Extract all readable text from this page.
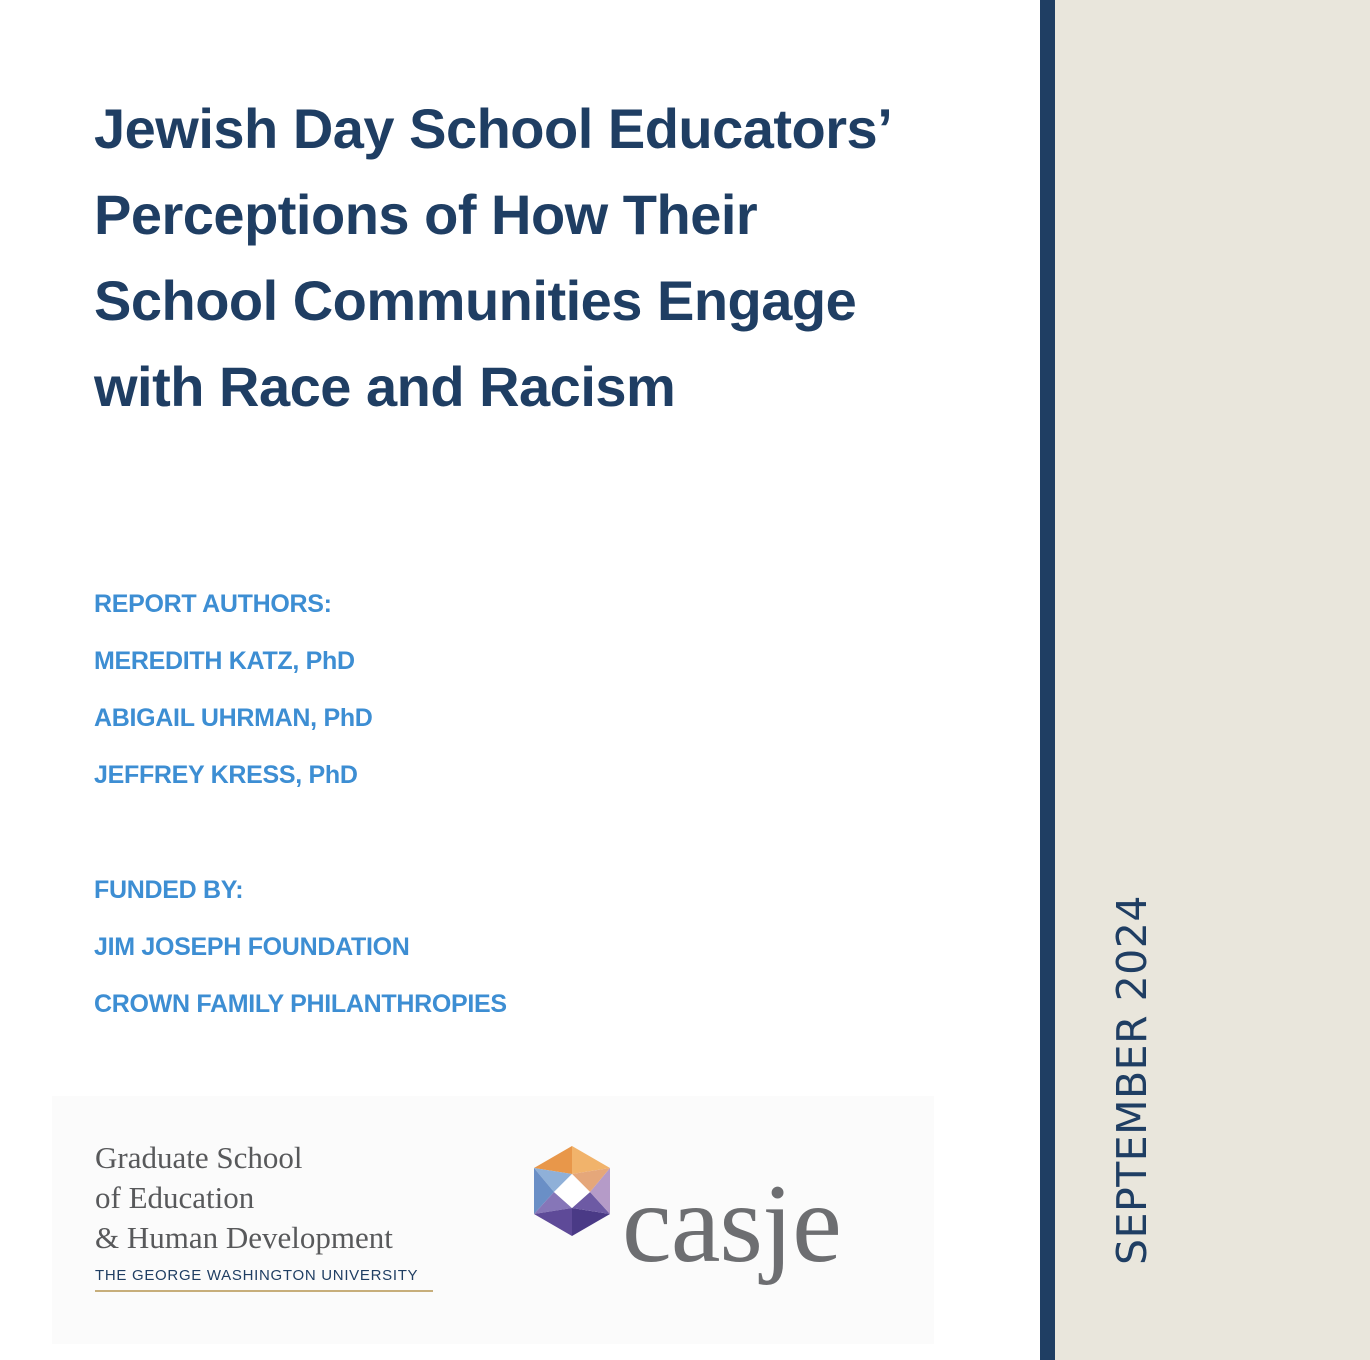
Jewish Day School Educators’
Perceptions of How Their
School Communities Engage
with Race and Racism
REPORT AUTHORS:
MEREDITH KATZ, PhD
ABIGAIL UHRMAN, PhD
JEFFREY KRESS, PhD
FUNDED BY:
JIM JOSEPH FOUNDATION
CROWN FAMILY PHILANTHROPIES
Graduate School
of Education
& Human Development
THE GEORGE WASHINGTON UNIVERSITY casje	SEPTEMBER 2024
